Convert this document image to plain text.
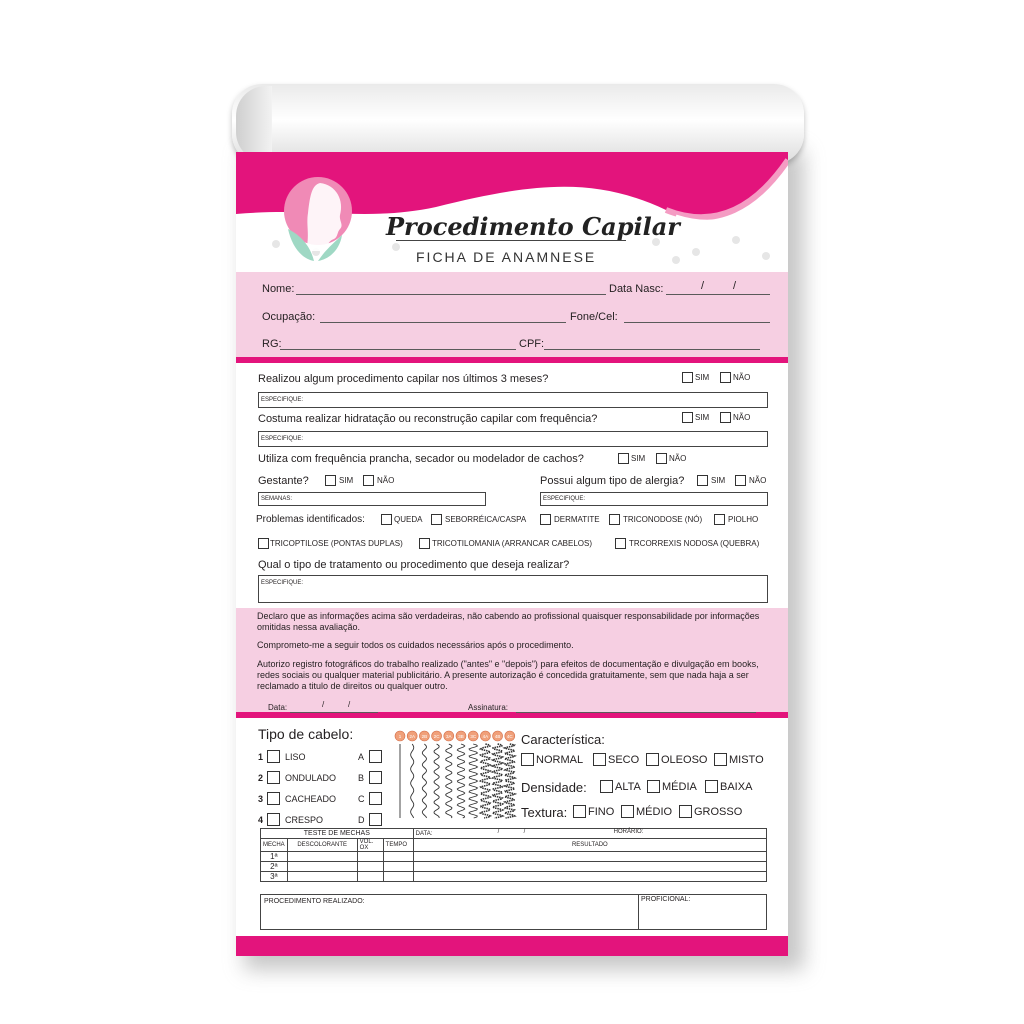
Procedimento Capilar
FICHA DE ANAMNESE
Nome:	Data Nasc:	/	/
Ocupação:	Fone/Cel:
RG:	CPF:
Realizou algum procedimento capilar nos últimos 3 meses?	SIM	NÃO
ESPECIFIQUE:
Costuma realizar hidratação ou reconstrução capilar com frequência?	SIM	NÃO
ESPECIFIQUE:
Utiliza com frequência prancha, secador ou modelador de cachos?	SIM	NÃO
Gestante?	SIM	NÃO
SEMANAS:
Possui algum tipo de alergia?	SIM	NÃO
ESPECIFIQUE:
Problemas identificados:	QUEDA	SEBORRÉICA/CASPA	DERMATITE	TRICONODOSE (NÓ)	PIOLHO
TRICOPTILOSE (PONTAS DUPLAS)	TRICOTILOMANIA (ARRANCAR CABELOS)	TRCORREXIS NODOSA (QUEBRA)
Qual o tipo de tratamento ou procedimento que deseja realizar?
ESPECIFIQUE:
Declaro que as informações acima são verdadeiras, não cabendo ao profissional quaisquer responsabilidade por informações omitidas nessa avaliação.
Comprometo-me a seguir todos os cuidados necessários após o procedimento.
Autorizo registro fotográficos do trabalho realizado ("antes" e "depois") para efeitos de documentação e divulgação em books, redes sociais ou qualquer material publicitário. A presente autorização é concedida gratuitamente, sem que nada haja a ser reclamado a titulo de direitos ou qualquer outro.
Data:	/	/	Assinatura:
Tipo de cabelo:
1 LISO	A
2 ONDULADO B
3 CACHEADO C
4 CRESPO	D
1 2A 2B 2C 3A 3B 3C 4A 4B 4C Característica:
NORMAL SECO OLEOSO MISTO
Densidade:	ALTA MÉDIA BAIXA
Textura: FINO MÉDIO GROSSO
TESTE DE MECHAS				DATA: / / HORÁRIO:

MECHA	DESCOLORANTE	VOL. OX	TEMPO	RESULTADO
1ª				
2ª				
3ª				
PROCEDIMENTO REALIZADO:	PROFICIONAL:
